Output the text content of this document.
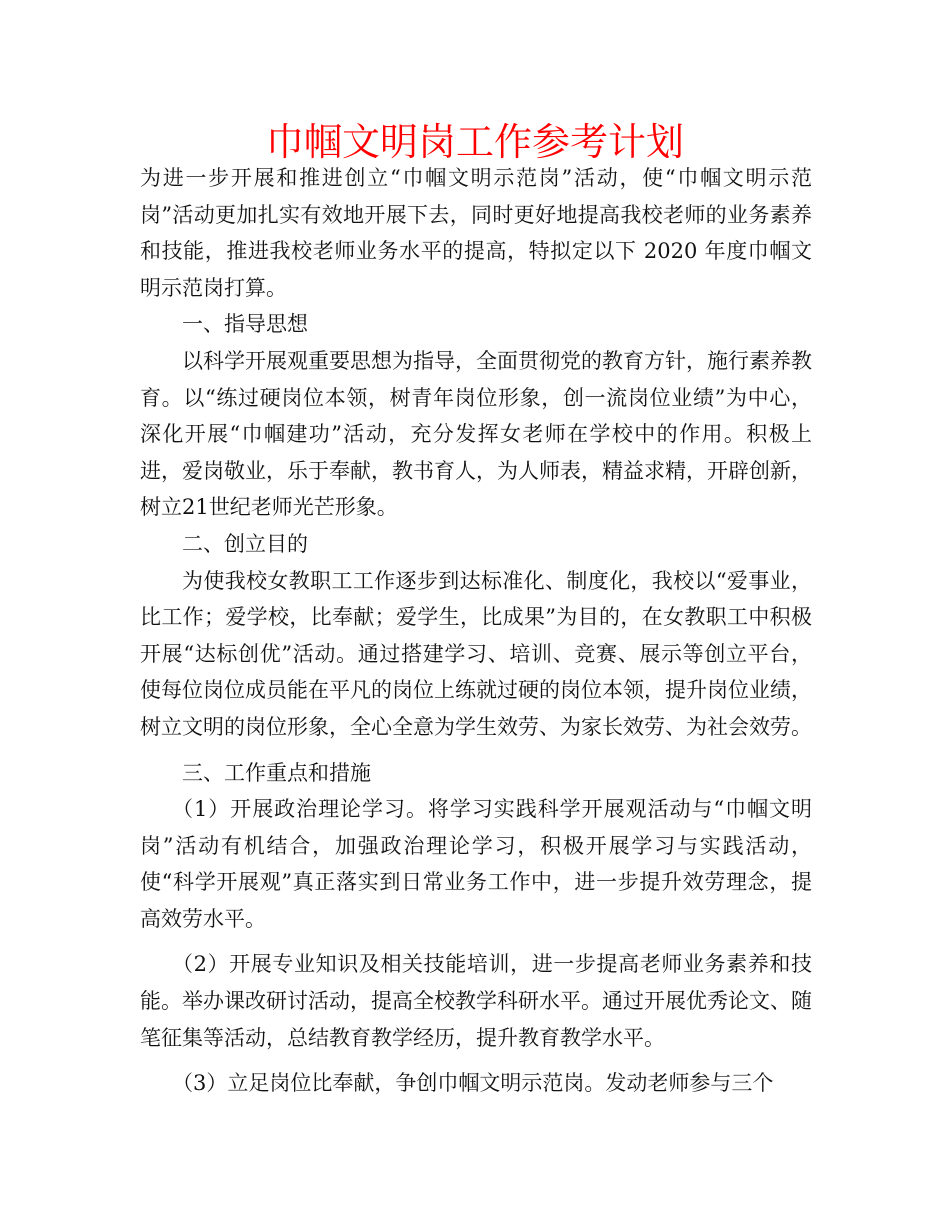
巾帼文明岗工作参考计划

为进一步开展和推进创立“巾帼文明示范岗”活动，使“巾帼文明示范岗”活动更加扎实有效地开展下去，同时更好地提高我校老师的业务素养和技能，推进我校老师业务水平的提高，特拟定以下 2020 年度巾帼文明示范岗打算。

一、指导思想

以科学开展观重要思想为指导，全面贯彻党的教育方针，施行素养教育。以“练过硬岗位本领，树青年岗位形象，创一流岗位业绩”为中心，深化开展“巾帼建功”活动，充分发挥女老师在学校中的作用。积极上进，爱岗敬业，乐于奉献，教书育人，为人师表，精益求精，开辟创新，树立21世纪老师光芒形象。

二、创立目的

为使我校女教职工工作逐步到达标准化、制度化，我校以“爱事业，比工作；爱学校，比奉献；爱学生，比成果”为目的，在女教职工中积极开展“达标创优”活动。通过搭建学习、培训、竞赛、展示等创立平台，使每位岗位成员能在平凡的岗位上练就过硬的岗位本领，提升岗位业绩，树立文明的岗位形象，全心全意为学生效劳、为家长效劳、为社会效劳。

三、工作重点和措施

（1）开展政治理论学习。将学习实践科学开展观活动与“巾帼文明岗”活动有机结合，加强政治理论学习，积极开展学习与实践活动，使“科学开展观”真正落实到日常业务工作中，进一步提升效劳理念，提高效劳水平。

（2）开展专业知识及相关技能培训，进一步提高老师业务素养和技能。举办课改研讨活动，提高全校教学科研水平。通过开展优秀论文、随笔征集等活动，总结教育教学经历，提升教育教学水平。

（3）立足岗位比奉献，争创巾帼文明示范岗。发动老师参与三个
